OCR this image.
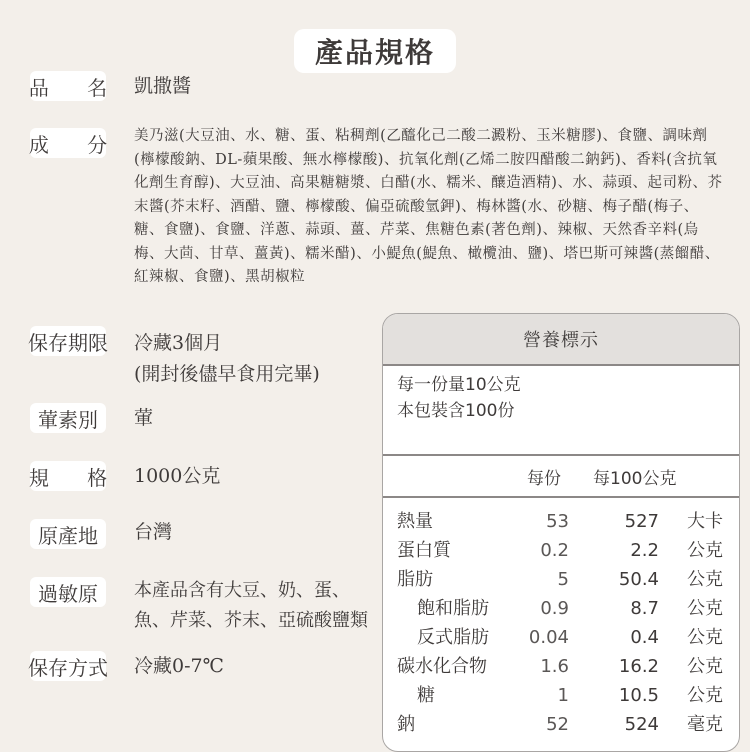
產品規格
品 名 凱撒醬
成 分 美乃滋(大豆油、水、糖、蛋、粘稠劑(乙醯化己二酸二澱粉、玉米糖膠)、食鹽、調味劑(檸檬酸鈉、DL-蘋果酸、無水檸檬酸)、抗氧化劑(乙烯二胺四醋酸二鈉鈣)、香料(含抗氧化劑生育醇)、大豆油、高果糖糖漿、白醋(水、糯米、釀造酒精)、水、蒜頭、起司粉、芥末醬(芥末籽、酒醋、鹽、檸檬酸、偏亞硫酸氫鉀)、梅林醬(水、砂糖、梅子醋(梅子、糖、食鹽)、食鹽、洋蔥、蒜頭、薑、芹菜、焦糖色素(著色劑)、辣椒、天然香辛料(烏梅、大茴、甘草、薑黃)、糯米醋)、小鯷魚(鯷魚、橄欖油、鹽)、塔巴斯可辣醬(蒸餾醋、紅辣椒、食鹽)、黑胡椒粒
保存期限 冷藏3個月
(開封後儘早食用完畢)
葷素別	葷
規 格 1000公克
原產地	台灣
過敏原	本產品含有大豆、奶、蛋、魚、芹菜、芥末、亞硫酸鹽類
保存方式 冷藏0-7℃
營養標示
每一份量10公克
本包裝含100份
每份 每100公克
熱量	53	527 大卡
蛋白質	0.2	2.2 公克
脂肪	5	50.4 公克
飽和脂肪	0.9	8.7 公克
反式脂肪 0.04	0.4 公克
碳水化合物	1.6	16.2 公克
糖	1	10.5 公克
鈉	52	524 毫克
